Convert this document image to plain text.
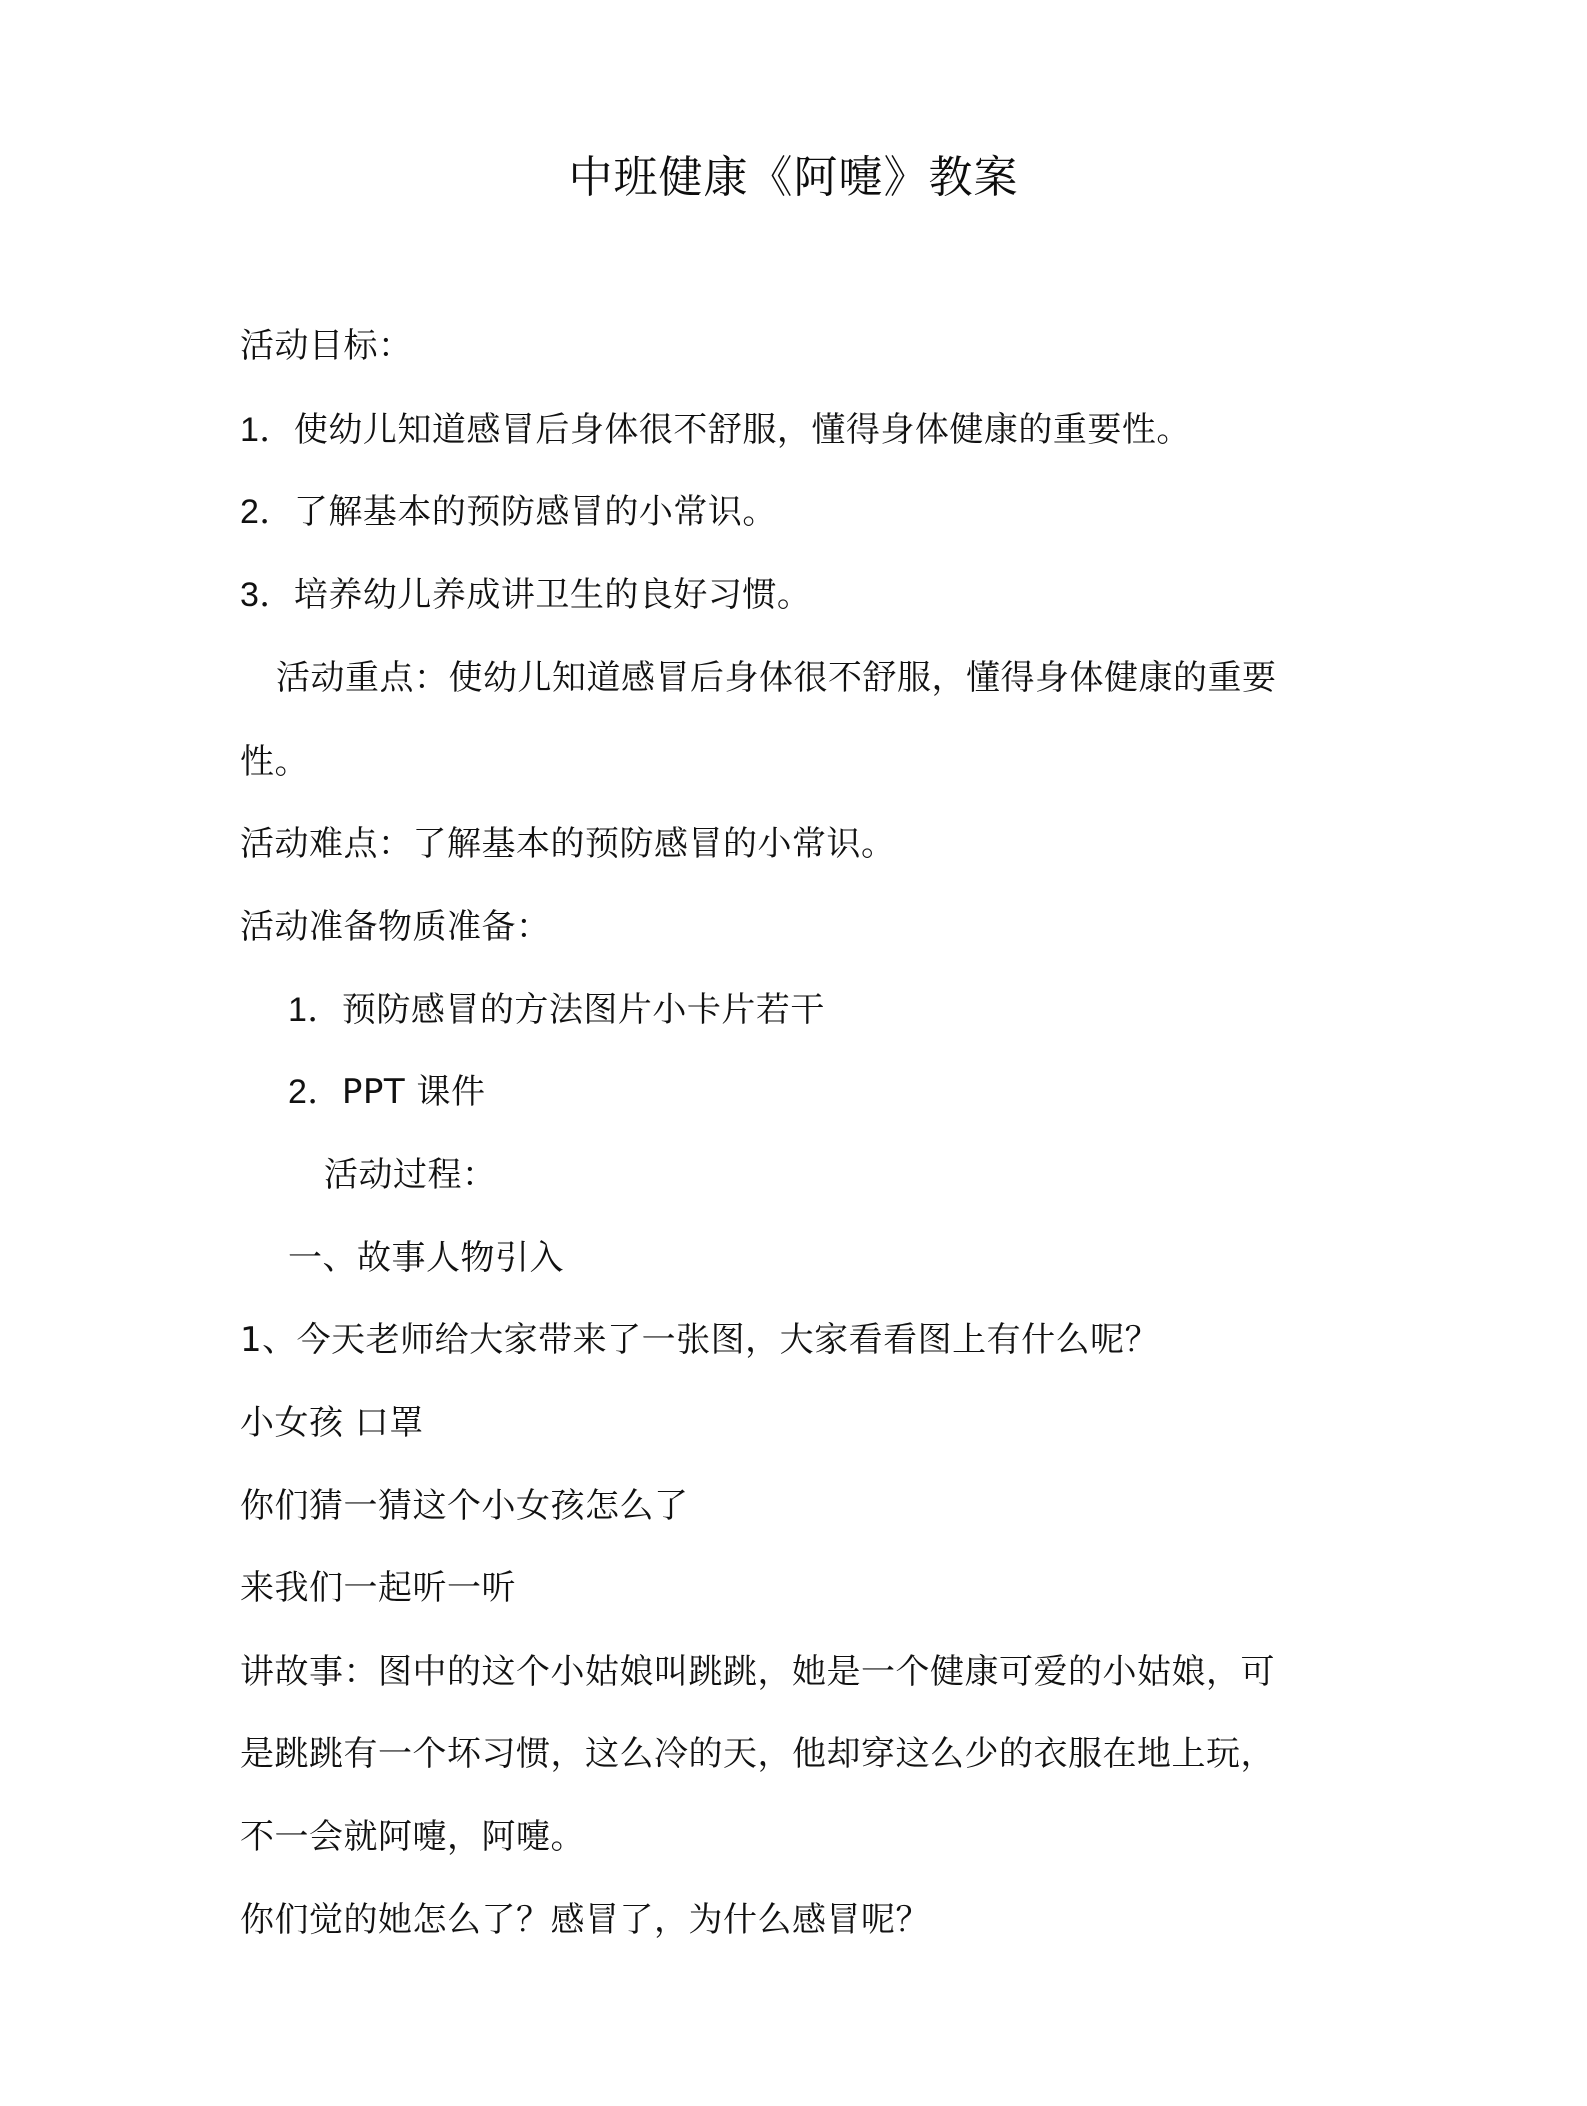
中班健康《阿嚏》教案
活动目标：
1．使幼儿知道感冒后身体很不舒服，懂得身体健康的重要性。
2．了解基本的预防感冒的小常识。
3．培养幼儿养成讲卫生的良好习惯。
活动重点：使幼儿知道感冒后身体很不舒服，懂得身体健康的重要
性。
活动难点：了解基本的预防感冒的小常识。
活动准备物质准备：
1．预防感冒的方法图片小卡片若干
2．PPT 课件
活动过程：
一、故事人物引入
1、今天老师给大家带来了一张图，大家看看图上有什么呢？
小女孩 口罩
你们猜一猜这个小女孩怎么了
来我们一起听一听
讲故事：图中的这个小姑娘叫跳跳，她是一个健康可爱的小姑娘，可
是跳跳有一个坏习惯，这么冷的天，他却穿这么少的衣服在地上玩，
不一会就阿嚏，阿嚏。
你们觉的她怎么了？感冒了，为什么感冒呢？
